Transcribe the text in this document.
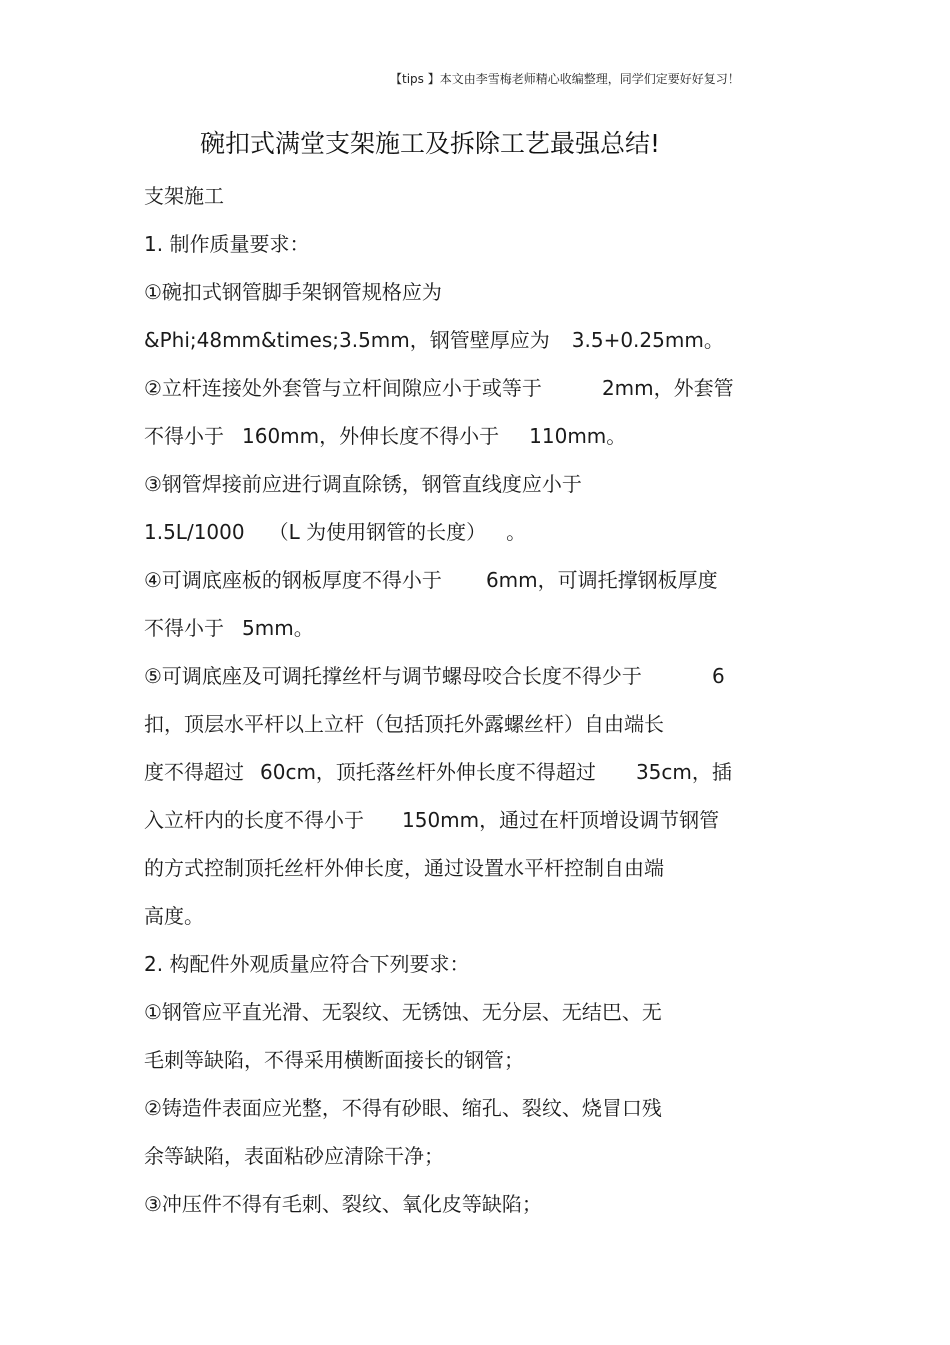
【tips 】本文由李雪梅老师精心收编整理，同学们定要好好复习！
碗扣式满堂支架施工及拆除工艺最强总结!
支架施工
1. 制作质量要求：
①碗扣式钢管脚手架钢管规格应为
&Phi;48mm&times;3.5mm，钢管壁厚应为 3.5+0.25mm。
②立杆连接处外套管与立杆间隙应小于或等于	2mm，外套管
不得小于 160mm，外伸长度不得小于 110mm。
③钢管焊接前应进行调直除锈，钢管直线度应小于
1.5L/1000 （L 为使用钢管的长度） 。
④可调底座板的钢板厚度不得小于 6mm，可调托撑钢板厚度
不得小于 5mm。
⑤可调底座及可调托撑丝杆与调节螺母咬合长度不得少于	6
扣，顶层水平杆以上立杆（包括顶托外露螺丝杆）自由端长
度不得超过 60cm，顶托落丝杆外伸长度不得超过 35cm，插
入立杆内的长度不得小于 150mm，通过在杆顶增设调节钢管
的方式控制顶托丝杆外伸长度，通过设置水平杆控制自由端
高度。
2. 构配件外观质量应符合下列要求：
①钢管应平直光滑、无裂纹、无锈蚀、无分层、无结巴、无
毛刺等缺陷，不得采用横断面接长的钢管；
②铸造件表面应光整，不得有砂眼、缩孔、裂纹、烧冒口残
余等缺陷，表面粘砂应清除干净；
③冲压件不得有毛刺、裂纹、氧化皮等缺陷；
